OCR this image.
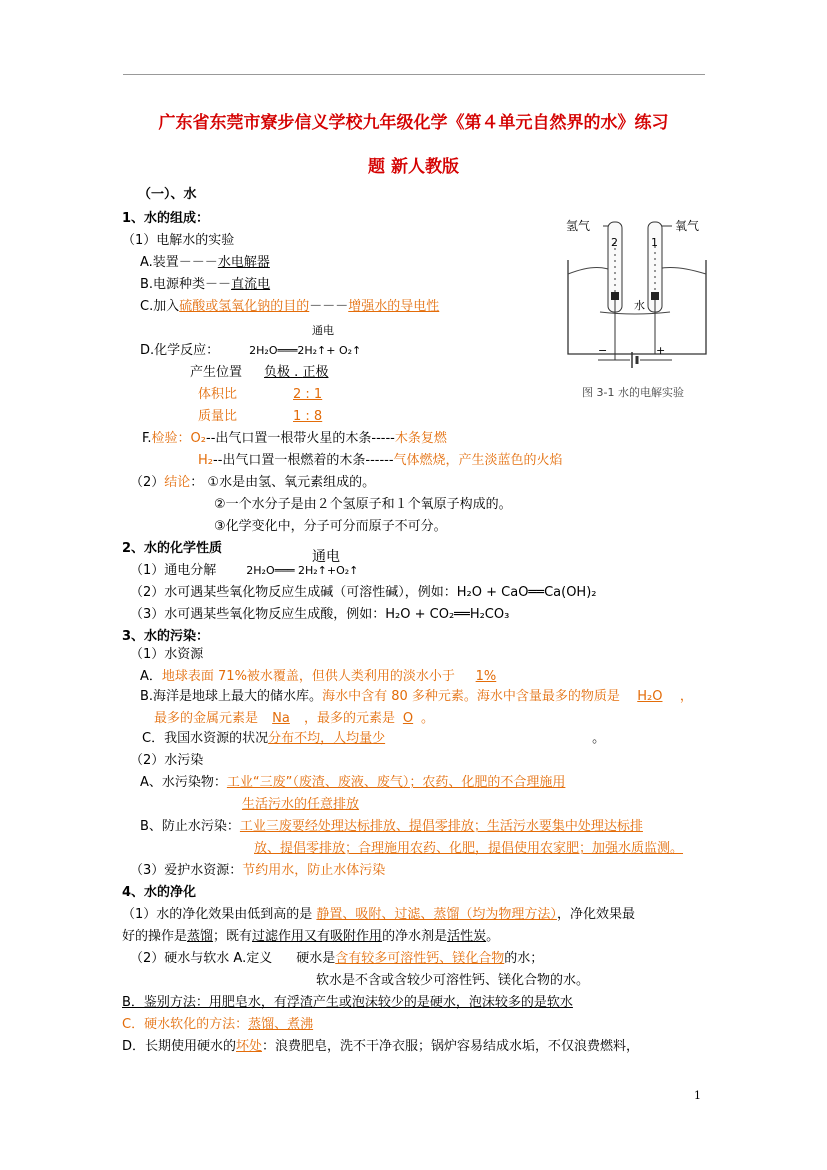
广东省东莞市寮步信义学校九年级化学《第４单元自然界的水》练习
题 新人教版
氢气	氧气
2	1
水
−	+
图 3-1 水的电解实验
（一）、水
1、水的组成：
（1）电解水的实验
A.装置－－－水电解器
B.电源种类－－直流电
C.加入硫酸或氢氧化钠的目的－－－增强水的导电性
通电
D.化学反应：	2H₂O═══2H₂↑+ O₂↑
产生位置 负极 . 正极
体积比	2 : 1
质量比	1 : 8
F.检验：O₂--出气口置一根带火星的木条-----木条复燃
H₂--出气口置一根燃着的木条------气体燃烧，产生淡蓝色的火焰
（2）结论： ①水是由氢、氧元素组成的。
②一个水分子是由２个氢原子和１个氧原子构成的。
③化学变化中，分子可分而原子不可分。
2、水的化学性质
通电
（1）通电分解	2H₂O═══ 2H₂↑+O₂↑
（2）水可遇某些氧化物反应生成碱（可溶性碱），例如：H₂O + CaO══Ca(OH)₂
（3）水可遇某些氧化物反应生成酸，例如：H₂O + CO₂══H₂CO₃
3、水的污染：
（1）水资源
A．地球表面 71%被水覆盖，但供人类利用的淡水小于 1%
B.海洋是地球上最大的储水库。海水中含有 80 多种元素。海水中含量最多的物质是 H₂O ，
最多的金属元素是 Na ，最多的元素是 O 。
C．我国水资源的状况分布不均，人均量少	。
（2）水污染
A、水污染物：工业“三废”（废渣、废液、废气）；农药、化肥的不合理施用
生活污水的任意排放
B、防止水污染：工业三废要经处理达标排放、提倡零排放；生活污水要集中处理达标排
放、提倡零排放；合理施用农药、化肥，提倡使用农家肥；加强水质监测。
（3）爱护水资源：节约用水，防止水体污染
4、水的净化
（1）水的净化效果由低到高的是 静置、吸附、过滤、蒸馏（均为物理方法），净化效果最
好的操作是蒸馏；既有过滤作用又有吸附作用的净水剂是活性炭。
（2）硬水与软水 A.定义 硬水是含有较多可溶性钙、镁化合物的水；
软水是不含或含较少可溶性钙、镁化合物的水。
B．鉴别方法：用肥皂水，有浮渣产生或泡沫较少的是硬水，泡沫较多的是软水
C．硬水软化的方法：蒸馏、煮沸
D．长期使用硬水的坏处：浪费肥皂，洗不干净衣服；锅炉容易结成水垢，不仅浪费燃料，
1
